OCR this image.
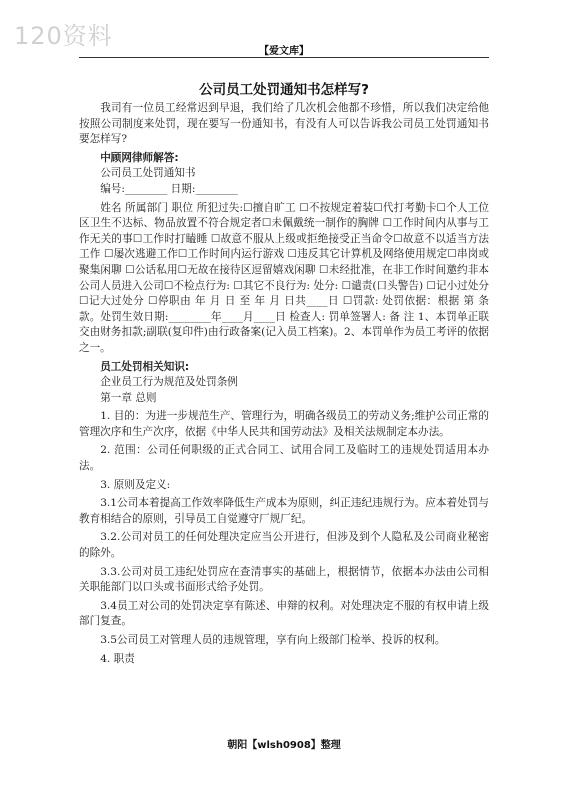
120资料
【爱文库】
公司员工处罚通知书怎样写?

我司有一位员工经常迟到早退，我们给了几次机会他都不珍惜，所以我们决定给他按照公司制度来处罚，现在要写一份通知书，有没有人可以告诉我公司员工处罚通知书要怎样写?

中顾网律师解答:

公司员工处罚通知书

编号:________ 日期:________

姓名 所属部门 职位 所犯过失:☐擅自旷工 ☐不按规定着装☐代打考勤卡☐个人工位区卫生不达标、物品放置不符合规定者☐未佩戴统一制作的胸牌 ☐工作时间内从事与工作无关的事☐工作时打瞌睡 ☐故意不服从上级或拒绝接受正当命令☐故意不以适当方法工作 ☐屡次逃避工作☐工作时间内运行游戏 ☐违反其它计算机及网络使用规定☐串岗或聚集闲聊 ☐公话私用☐无故在接待区逗留嬉戏闲聊 ☐未经批准，在非工作时间邀约非本公司人员进入公司☐不检点行为: ☐其它不良行为: 处分: ☐谴责(口头警告) ☐记小过处分 ☐记大过处分 ☐停职由 年 月 日 至 年 月 日共____日 ☐罚款: 处罚依据：根据 第 条 款。处罚生效日期:________年____月____日 检查人: 罚单签署人: 备 注 1、本罚单正联交由财务扣款;副联(复印件)由行政备案(记入员工档案)。2、本罚单作为员工考评的依据之一。

员工处罚相关知识:

企业员工行为规范及处罚条例

第一章 总则

1. 目的：为进一步规范生产、管理行为，明确各级员工的劳动义务;维护公司正常的管理次序和生产次序，依据《中华人民共和国劳动法》及相关法规制定本办法。

2. 范围：公司任何职级的正式合同工、试用合同工及临时工的违规处罚适用本办法。

3. 原则及定义:

3.1公司本着提高工作效率降低生产成本为原则，纠正违纪违规行为。应本着处罚与教育相结合的原则，引导员工自觉遵守厂规厂纪。

3.2.公司对员工的任何处理决定应当公开进行，但涉及到个人隐私及公司商业秘密的除外。

3.3.公司对员工违纪处罚应在查清事实的基础上，根据情节，依据本办法由公司相关职能部门以口头或书面形式给予处罚。

3.4员工对公司的处罚决定享有陈述、申辩的权利。对处理决定不服的有权申请上级部门复查。

3.5公司员工对管理人员的违规管理，享有向上级部门检举、投诉的权利。

4. 职责

朝阳【wlsh0908】整理
